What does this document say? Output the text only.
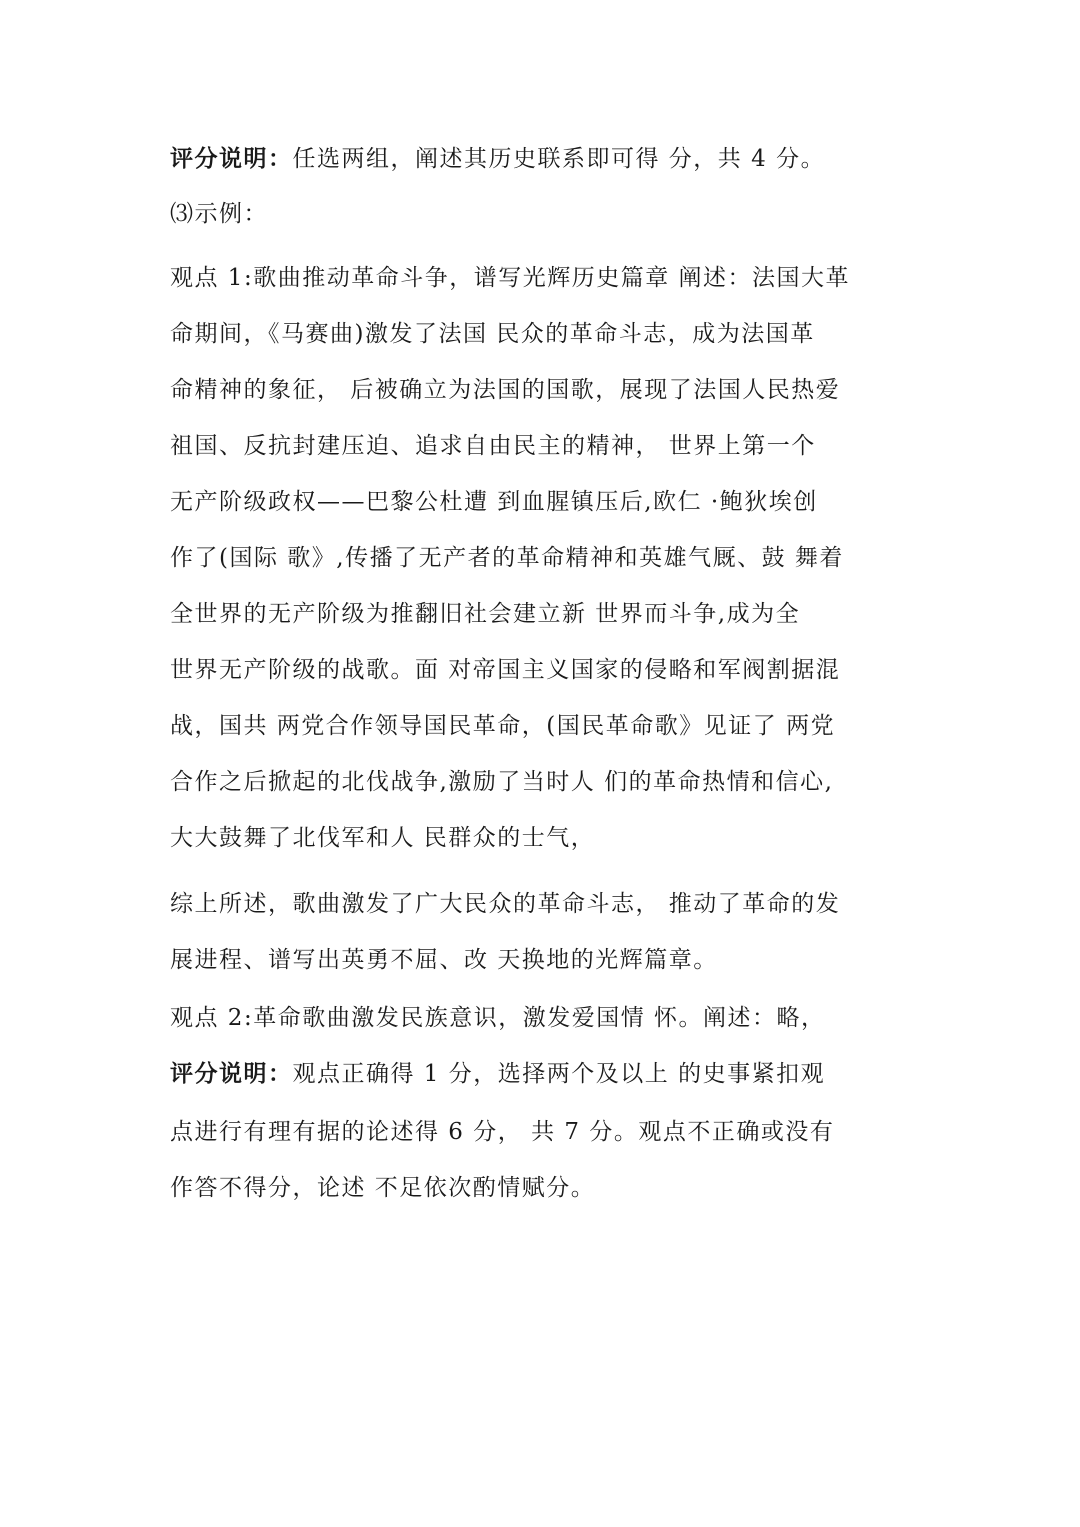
评分说明：任选两组，阐述其历史联系即可得 分，共 4 分。
⑶示例：
观点 1:歌曲推动革命斗争，谱写光辉历史篇章 阐述：法国大革
命期间，《马赛曲)激发了法国 民众的革命斗志，成为法国革
命精神的象征， 后被确立为法国的国歌，展现了法国人民热爱
祖国、反抗封建压迫、追求自由民主的精神， 世界上第一个
无产阶级政权——巴黎公杜遭 到血腥镇压后,欧仁 ·鲍狄埃创
作了(国际 歌》,传播了无产者的革命精神和英雄气厩、鼓 舞着
全世界的无产阶级为推翻旧社会建立新 世界而斗争,成为全
世界无产阶级的战歌。面 对帝国主义国家的侵略和军阀割据混
战，国共 两党合作领导国民革命，(国民革命歌》见证了 两党
合作之后掀起的北伐战争,激励了当时人 们的革命热情和信心,
大大鼓舞了北伐军和人 民群众的士气，
综上所述，歌曲激发了广大民众的革命斗志， 推动了革命的发
展进程、谱写出英勇不屈、改 天换地的光辉篇章。
观点 2:革命歌曲激发民族意识，激发爱国情 怀。阐述：略，
评分说明：观点正确得 1 分，选择两个及以上 的史事紧扣观
点进行有理有据的论述得 6 分， 共 7 分。观点不正确或没有
作答不得分，论述 不足依次酌情赋分。
